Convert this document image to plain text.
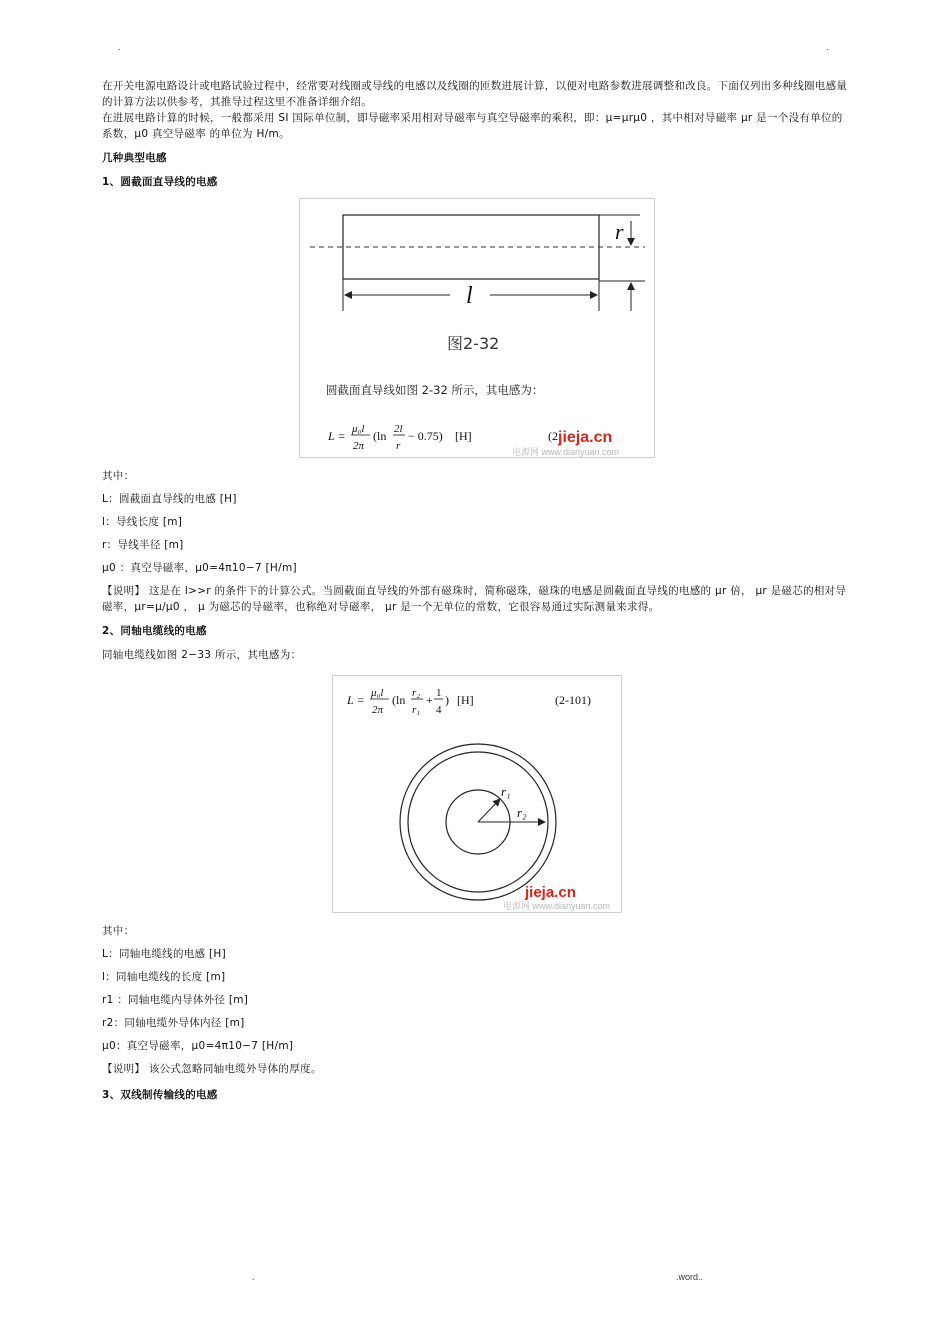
.	.

在开关电源电路设计或电路试验过程中，经常要对线圈或导线的电感以及线圈的匝数进展计算，以便对电路参数进展调整和改良。下面仅列出多种线圈电感量的计算方法以供参考，其推导过程这里不准备详细介绍。

在进展电路计算的时候，一般都采用 SI 国际单位制，即导磁率采用相对导磁率与真空导磁率的乘积，即：μ=μrμ0 ，其中相对导磁率 μr 是一个没有单位的系数，μ0 真空导磁率 的单位为 H/m。

几种典型电感

1、圆截面直导线的电感

r
l
图2-32
圆截面直导线如图 2-32 所示，其电感为：
L = μ₀l
2π
(ln 2l
r
− 0.75) [H]	(2 jieja.cn
电源网 www.dianyuan.com

其中：

L：圆截面直导线的电感 [H]

l：导线长度 [m]

r：导线半径 [m]

μ0 ：真空导磁率，μ0=4π10−7 [H/m]

【说明】 这是在 l>>r 的条件下的计算公式。当圆截面直导线的外部有磁珠时，简称磁珠，磁珠的电感是圆截面直导线的电感的 μr 倍， μr 是磁芯的相对导磁率，μr=μ/μ0 ， μ 为磁芯的导磁率，也称绝对导磁率， μr 是一个无单位的常数，它很容易通过实际测量来求得。

2、同轴电缆线的电感

同轴电缆线如图 2−33 所示，其电感为：

L = μ₀l
2π
(ln r₂
r₁
+ 1
4
) [H]	(2-101)
r₁
r₂
jieja.cn
电源网 www.dianyuan.com

其中：

L：同轴电缆线的电感 [H]

l：同轴电缆线的长度 [m]

r1 ：同轴电缆内导体外径 [m]

r2：同轴电缆外导体内径 [m]

μ0：真空导磁率，μ0=4π10−7 [H/m]

【说明】 该公式忽略同轴电缆外导体的厚度。

3、双线制传输线的电感

.	.word..
